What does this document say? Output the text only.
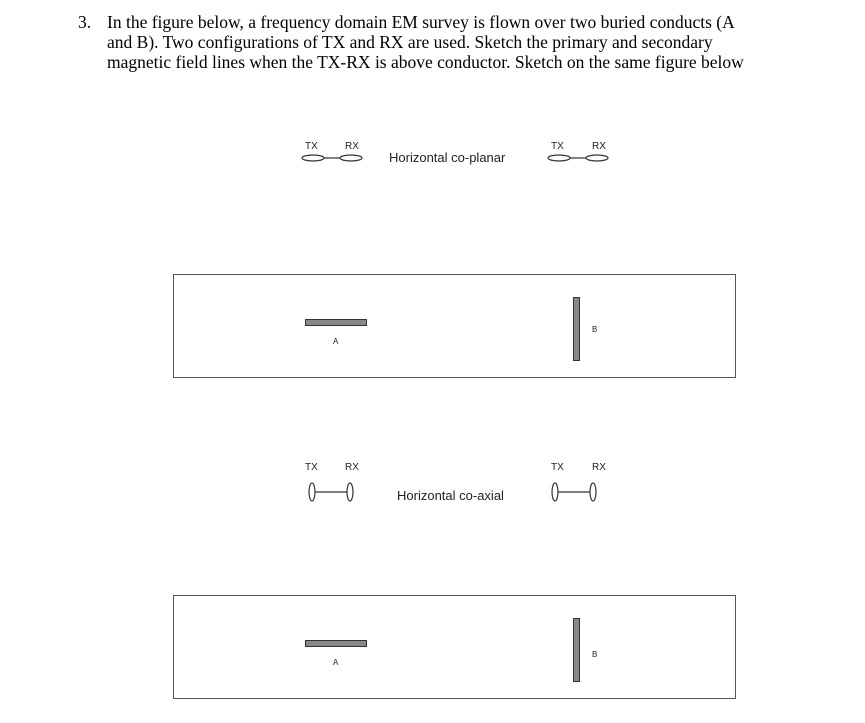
3. In the figure below, a frequency domain EM survey is flown over two buried conducts (A
and B). Two configurations of TX and RX are used. Sketch the primary and secondary
magnetic field lines when the TX-RX is above conductor. Sketch on the same figure below
TX	RX
Horizontal co-planar
TX	RX
A
B
TX	RX
Horizontal co-axial
TX	RX
A
B
